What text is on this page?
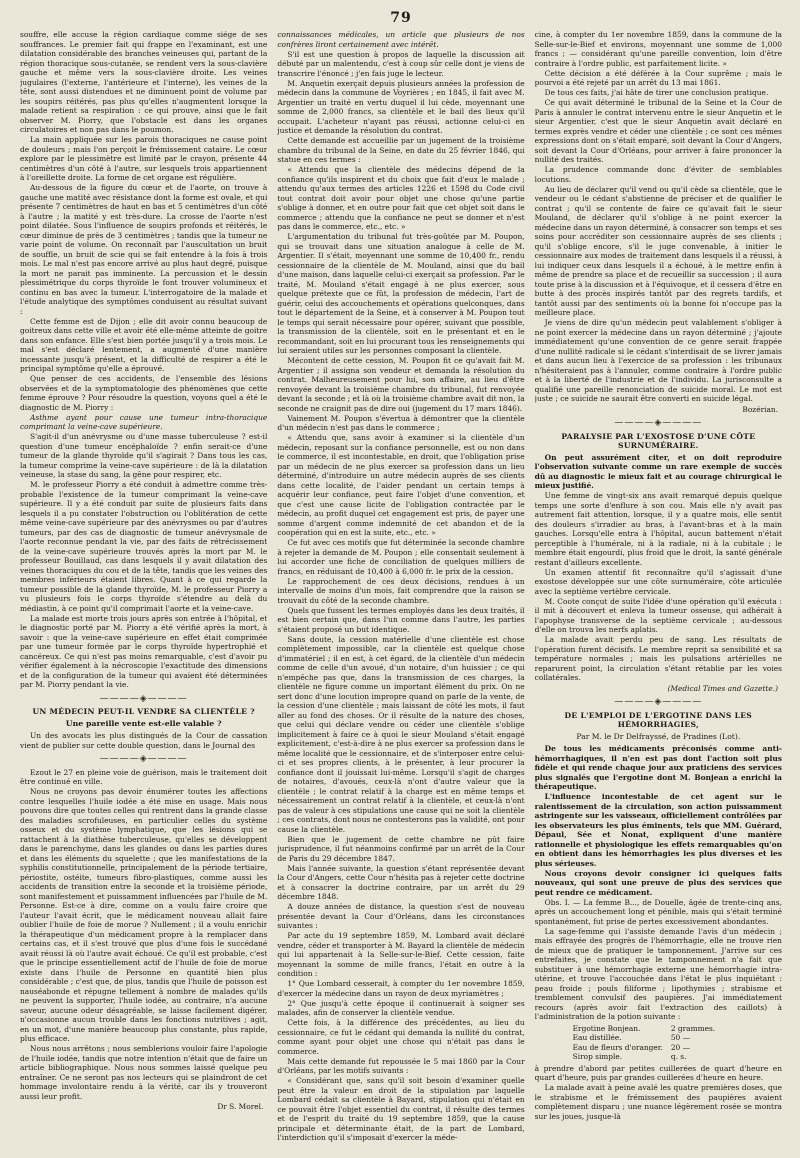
79

souffre, elle accuse la région cardiaque comme siége de ses souffrances. Le premier fait qui frappe en l'examinant, est une dilatation considérable des branches veineuses qui, partant de la région thoracique sous-cutanée, se rendent vers la sous-clavière gauche et même vers la sous-clavière droite. Les veines jugulaires (l'externe, l'antérieure et l'interne), les veines de la tête, sont aussi distendues et ne diminuent point de volume par les soupirs réitérés, pas plus qu'elles n'augmentent lorsque la malade retient sa respiration : ce qui prouve, ainsi que le fait observer M. Piorry, que l'obstacle est dans les organes circulatoires et non pas dans le poumon.

La main appliquée sur les parois thoraciques ne cause point de douleurs ; mais l'on perçoit le frémissement cataire. Le cœur explore par le plessimètre est limité par le crayon, présente 44 centimètres d'un côté à l'autre, sur lesquels trois appartiennent à l'oreillette droite. La forme de cet organe est régulière.

Au-dessous de la figure du cœur et de l'aorte, on trouve à gauche une matité avec résistance dont la forme est ovale, et qui présente 7 centimètres de haut en bas et 5 centimètres d'un côté à l'autre ; la matité y est très-dure. La crosse de l'aorte n'est point dilatée. Sous l'influence de soupirs profonds et réitérés, le cœur diminue de près de 3 centimètres ; tandis que la tumeur ne varie point de volume. On reconnaît par l'auscultation un bruit de souffle, un bruit de scie qui se fait entendre à la fois à trois mois. Le mal n'est pas encore arrivé au plus haut degré, puisque la mort ne parait pas imminente. La percussion et le dessin plessimétrique du corps thyroïde le font trouver volumineux et continu en bas avec la tumeur. L'interrogatoire de la malade et l'étude analytique des symptômes conduisent au résultat suivant :

Cette femme est de Dijon ; elle dit avoir connu beaucoup de goitreux dans cette ville et avoir été elle-même atteinte de goitre dans son enfance. Elle s'est bien portée jusqu'il y a trois mois. Le mal s'est déclaré lentement, a augmenté d'une manière incessante jusqu'à présent, et la difficulté de respirer a été le principal symptôme qu'elle a éprouvé.

Que penser de ces accidents, de l'ensemble des lésions observées et de la symptomatologie des phénomènes que cette femme éprouve ? Pour résoudre la question, voyons quel a été le diagnostic de M. Piorry :

Asthme ayant pour cause une tumeur intra-thoracique comprimant la veine-cave supérieure.

S'agit-il d'un anévrysme ou d'une masse tuberculeuse ? est-il question d'une tumeur encéphaloïde ? enfin serait-ce d'une tumeur de la glande thyroïde qu'il s'agirait ? Dans tous les cas, la tumeur comprime la veine-cave supérieure : de là la dilatation veineuse, la stase du sang, la gêne pour respirer, etc.

M. le professeur Piorry a été conduit à admettre comme très-probable l'existence de la tumeur comprimant la veine-cave supérieure. Il y a été conduit par suite de plusieurs faits dans lesquels il a pu constater l'obstruction ou l'oblitération de cette même veine-cave supérieure par des anévrysmes ou par d'autres tumeurs, par des cas de diagnostic de tumeur anévrysmale de l'aorte reconnue pendant la vie, par des faits de rétrécissement de la veine-cave supérieure trouvés après la mort par M. le professeur Bouillaud, cas dans lesquels il y avait dilatation des veines thoraciques du cou et de la tête, tandis que les veines des membres inférieurs étaient libres. Quant à ce qui regarde la tumeur possible de la glande thyroïde, M. le professeur Piorry a vu plusieurs fois le corps thyroïde s'étendre au delà du médiastin, à ce point qu'il comprimait l'aorte et la veine-cave.

La malade est morte trois jours après son entrée à l'hôpital, et le diagnostic porté par M. Piorry a été vérifié après la mort, à savoir : que la veine-cave supérieure en effet était comprimée par une tumeur formée par le corps thyroïde hypertrophié et cancéreux. Ce qui n'est pas moins remarquable, c'est d'avoir pu vérifier également à la nécroscopie l'exactitude des dimensions et de la configuration de la tumeur qui avaient été déterminées par M. Piorry pendant la vie.

————◈————
UN MÉDECIN PEUT-IL VENDRE SA CLIENTÈLE ?
Une pareille vente est-elle valable ?

Un des avocats les plus distingués de la Cour de cassation vient de publier sur cette double question, dans le Journal des

————◈————

Ezout le 27 en pleine voie de guérison, mais le traitement doit être continué en ville.

Nous ne croyons pas devoir énumérer toutes les affections contre lesquelles l'huile iodée a été mise en usage. Mais nous pouvons dire que toutes celles qui rentrent dans la grande classe des maladies scrofuleuses, en particulier celles du système osseux et du système lymphatique, que les lésions qui se rattachent à la diathèse tuberculeuse, qu'elles se développent dans le parenchyme, dans les glandes ou dans les parties dures et dans les éléments du squelette ; que les manifestations de la syphilis constitutionnelle, principalement de la période tertiaire, périostite, ostéite, tumeurs fibro-plastiques, comme aussi les accidents de transition entre la seconde et la troisième période, sont manifestement et puissamment influencées par l'huile de M. Personne. Est-ce à dire, comme on a voulu faire croire que l'auteur l'avait écrit, que le médicament nouveau allait faire oublier l'huile de foie de morue ? Nullement ; il a voulu enrichir la thérapeutique d'un médicament propre à la remplacer dans certains cas, et il s'est trouvé que plus d'une fois le succédané avait réussi là où l'autre avait échoué. Ce qu'il est probable, c'est que le principe essentiellement actif de l'huile de foie de morue existe dans l'huile de Personne en quantité bien plus considérable ; c'est que, de plus, tandis que l'huile de poisson est nauséabonde et répugne tellement à nombre de malades qu'ils ne peuvent la supporter, l'huile iodée, au contraire, n'a aucune saveur, aucune odeur désagréable, se laisse facilement digérer, n'occasionne aucun trouble dans les fonctions nutritives ; agit, en un mot, d'une manière beaucoup plus constante, plus rapide, plus efficace.

Nous nous arrêtons ; nous semblerions vouloir faire l'apologie de l'huile iodée, tandis que notre intention n'était que de faire un article bibliographique. Nous nous sommes laissé quelque peu entraîner. Ce ne seront pas nos lecteurs qui se plaindront de cet hommage involontaire rendu à la vérité, car ils y trouveront aussi leur profit.

Dr S. Morel.

connaissances médicales, un article que plusieurs de nos confrères liront certainement avec intérêt.

S'il est une question à propos de laquelle la discussion ait débuté par un malentendu, c'est à coup sûr celle dont je viens de transcrire l'énoncé ; j'en fais juge le lecteur.

M. Anquetin exerçait depuis plusieurs années la profession de médecin dans la commune de Voyrières ; en 1845, il fait avec M. Argentier un traité en vertu duquel il lui cède, moyennant une somme de 2,000 francs, sa clientèle et le bail des lieux qu'il occupait. L'acheteur n'ayant pas réussi, actionne celui-ci en justice et demande la résolution du contrat.

Cette demande est accueillie par un jugement de la troisième chambre du tribunal de la Seine, en date du 25 février 1846, qui statue en ces termes :

« Attendu que la clientèle des médecins dépend de la confiance qu'ils inspirent et du choix que fait d'eux le malade ; attendu qu'aux termes des articles 1226 et 1598 du Code civil tout contrat doit avoir pour objet une chose qu'une partie s'oblige à donner, et en outre pour fait que cet objet soit dans le commerce ; attendu que la confiance ne peut se donner et n'est pas dans le commerce, etc., etc. »

L'argumentation du tribunal fut très-goûtée par M. Poupon, qui se trouvait dans une situation analogue à celle de M. Argentier. Il s'était, moyennant une somme de 10,400 fr., rendu cessionnaire de la clientèle de M. Mouland, ainsi que du bail d'une maison, dans laquelle celui-ci exerçait sa profession. Par le traité, M. Mouland s'était engagé à ne plus exercer, sous quelque prétexte que ce fût, la profession de médecin, l'art de guérir, celui des accouchements et opérations quelconques, dans tout le département de la Seine, et à conserver à M. Poupon tout le temps qui serait nécessaire pour opérer, suivant que possible, la transmission de la clientèle, soit en le présentant et en le recommandant, soit en lui procurant tous les renseignements qui lui seraient utiles sur les personnes composant la clientèle.

Mécontent de cette cession, M. Poupon fit ce qu'avait fait M. Argentier ; il assigna son vendeur et demanda la résolution du contrat. Malheureusement pour lui, son affaire, au lieu d'être renvoyée devant la troisième chambre du tribunal, fut renvoyée devant la seconde ; et là où la troisième chambre avait dit non, la seconde ne craignit pas de dire oui (jugement du 17 mars 1846).

Vainement M. Poupon s'évertua à démontrer que la clientèle d'un médecin n'est pas dans le commerce ;

« Attendu que, sans avoir à examiner si la clientèle d'un médecin, reposant sur la confiance personnelle, est ou non dans le commerce, il est incontestable, en droit, que l'obligation prise par un médecin de ne plus exercer sa profession dans un lieu déterminé, d'introduire un autre médecin auprès de ses clients dans cette localité, de l'aider pendant un certain temps à acquérir leur confiance, peut faire l'objet d'une convention, et que c'est une cause licite de l'obligation contractée par le médecin, au profit duquel cet engagement est pris, de payer une somme d'argent comme indemnité de cet abandon et de la coopération qui en est la suite, etc., etc. »

Ce fut avec ces motifs que fut déterminée la seconde chambre à rejeter la demande de M. Poupon ; elle consentait seulement à lui accorder une fiche de conciliation de quelques milliers de francs, en réduisant de 10,400 à 6,000 fr. le prix de la cession.

Le rapprochement de ces deux décisions, rendues à un intervalle de moins d'un mois, fait comprendre que la raison se trouvait du côté de la seconde chambre.

Quels que fussent les termes employés dans les deux traités, il est bien certain que, dans l'un comme dans l'autre, les parties s'étaient proposé un but identique.

Sans doute, la cession matérielle d'une clientèle est chose complètement impossible, car la clientèle est quelque chose d'immatériel ; il en est, à cet égard, de la clientèle d'un médecin comme de celle d'un avoué, d'un notaire, d'un huissier ; ce qui n'empêche pas que, dans la transmission de ces charges, la clientèle ne figure comme un important élément du prix. On ne sert donc d'une locution impropre quand on parle de la vente, de la cession d'une clientèle ; mais laissant de côté les mots, il faut aller au fond des choses. Or il résulte de la nature des choses, que celui qui déclare vendre ou céder une clientèle s'oblige implicitement à faire ce à quoi le sieur Mouland s'était engagé explicitement, c'est-à-dire à ne plus exercer sa profession dans le même localité que le cessionnaire, et de s'interposer entre celui-ci et ses propres clients, à le présenter, à leur procurer la confiance dont il jouissait lui-même. Lorsqu'il s'agit de charges de notaires, d'avoués, ceux-là n'ont d'autre valeur que la clientèle ; le contrat relatif à la charge est en même temps et nécessairement un contrat relatif à la clientèle, et ceux-là n'ont pas de valeur à ces stipulations une cause qui ne soit la clientèle ; ces contrats, dont nous ne contesterons pas la validité, ont pour cause la clientèle.

Bien que le jugement de cette chambre ne pût faire jurisprudence, il fut néanmoins confirmé par un arrêt de la Cour de Paris du 29 décembre 1847.

Mais l'année suivante, la question s'étant représentée devant la Cour d'Angers, cette Cour n'hésita pas à rejeter cette doctrine et à consacrer la doctrine contraire, par un arrêt du 29 décembre 1848.

A douze années de distance, la question s'est de nouveau présentée devant la Cour d'Orléans, dans les circonstances suivantes :

Par acte du 19 septembre 1859, M. Lombard avait déclaré vendre, céder et transporter à M. Bayard la clientèle de médecin qui lui appartenait à la Selle-sur-le-Bief. Cette cession, faite moyennant la somme de mille francs, l'était en outre à la condition :

1° Que Lombard cesserait, à compter du 1er novembre 1859, d'exercer la médecine dans un rayon de deux myriamètres ;

2° Que jusqu'à cette époque il continuerait à soigner ses malades, afin de conserver la clientèle vendue.

Cette fois, à la différence des précédentes, au lieu du cessionnaire, ce fut le cédant qui demanda la nullité du contrat, comme ayant pour objet une chose qui n'était pas dans le commerce.

Mais cette demande fut repoussée le 5 mai 1860 par la Cour d'Orléans, par les motifs suivants :

« Considérant que, sans qu'il soit besoin d'examiner quelle peut être la valeur en droit de la stipulation par laquelle Lombard cédait sa clientèle à Bayard, stipulation qui n'était en ce pouvait être l'objet essentiel du contrat, il résulte des termes et de l'esprit du traité du 19 septembre 1859, que la cause principale et déterminante était, de la part de Lombard, l'interdiction qu'il s'imposait d'exercer la méde-

cine, à compter du 1er novembre 1859, dans la commune de la Selle-sur-le-Bief et environs, moyennant une somme de 1,000 francs ; — considérant qu'une pareille convention, loin d'être contraire à l'ordre public, est parfaitement licite. »

Cette décision a été déférée à la Cour suprême ; mais le pourvoi a été rejeté par un arrêt du 13 mai 1861.

De tous ces faits, j'ai hâte de tirer une conclusion pratique.

Ce qui avait déterminé le tribunal de la Seine et la Cour de Paris à annuler le contrat intervenu entre le sieur Anquetin et le sieur Argentier, c'est que le sieur Anquetin avait déclaré en termes exprès vendre et céder une clientèle ; ce sont ces mêmes expressions dont on s'était emparé, soit devant la Cour d'Angers, soit devant la Cour d'Orléans, pour arriver à faire prononcer la nullité des traités.

La prudence commande donc d'éviter de semblables locutions.

Au lieu de déclarer qu'il vend ou qu'il cède sa clientèle, que le vendeur ou le cédant s'abstienne de préciser et de qualifier le contrat ; qu'il se contente de faire ce qu'avait fait le sieur Mouland, de déclarer qu'il s'oblige à ne point exercer la médecine dans un rayon déterminé, à consacrer son temps et ses soins pour accréditer son cessionnaire auprès de ses clients ; qu'il s'oblige encore, s'il le juge convenable, à initier le cessionnaire aux modes de traitement dans lesquels il a réussi, à lui indiquer ceux dans lesquels il a échoué, à le mettre enfin à même de prendre sa place et de recueillir sa succession ; il aura toute prise à la discussion et à l'équivoque, et il cessera d'être en butte à des procès inspirés tantôt par des regrets tardifs, et tantôt aussi par des sentiments où la bonne foi n'occupe pas la meilleure place.

Je viens de dire qu'un médecin peut valablement s'obliger à ne point exercer la médecine dans un rayon déterminé ; j'ajoute immédiatement qu'une convention de ce genre serait frappée d'une nullité radicale si le cédant s'interdisait de se livrer jamais et dans aucun lieu à l'exercice de sa profession : les tribunaux n'hésiteraient pas à l'annuler, comme contraire à l'ordre public et à la liberté de l'industrie et de l'individu. La jurisconsulte a qualifié une pareille renonciation de suicide moral. Le mot est juste ; ce suicide ne saurait être converti en suicide légal.

Bozérian.
————◈————
PARALYSIE PAR L'EXOSTOSE D'UNE CÔTE SURNUMÉRAIRE.

On peut assurément citer, et on doit reproduire l'observation suivante comme un rare exemple de succès dû au diagnostic le mieux fait et au courage chirurgical le mieux justifié.

Une femme de vingt-six ans avait remarqué depuis quelque temps une sorte d'enflure à son cou. Mais elle n'y avait pas autrement fait attention, lorsque, il y a quatre mois, elle sentit des douleurs s'irradier au bras, à l'avant-bras et à la main gauches. Lorsqu'elle entra à l'hôpital, aucun battement n'était perceptible à l'humérale, ni à la radiale, ni à la cubitale ; le membre était engourdi, plus froid que le droit, la santé générale restant d'ailleurs excellente.

Un examen attentif fit reconnaître qu'il s'agissait d'une exostose développée sur une côte surnuméraire, côte articulée avec la septième vertèbre cervicale.

M. Coote conçut de suite l'idée d'une opération qu'il exécuta : il mit à découvert et enleva la tumeur osseuse, qui adhérait à l'apophyse transverse de la septième cervicale ; au-dessous d'elle on trouva les nerfs aplatis.

La malade avait perdu peu de sang. Les résultats de l'opération furent décisifs. Le membre reprit sa sensibilité et sa température normales ; mais les pulsations artérielles ne reparurent point, la circulation s'étant rétablie par les voies collatérales.

(Medical Times and Gazette.)
————◈————
DE L'EMPLOI DE L'ERGOTINE DANS LES HÉMORRHAGIES,
Par M. le Dr Delfrayssé, de Pradines (Lot).

De tous les médicaments préconisés comme anti-hémorrhagiques, il n'en est pas dont l'action soit plus fidèle et qui rende chaque jour aux praticiens des services plus signalés que l'ergotine dont M. Bonjean a enrichi la thérapeutique.

L'influence incontestable de cet agent sur le ralentissement de la circulation, son action puissamment astringente sur les vaisseaux, officiellement contrôlées par les observateurs les plus éminents, tels que MM. Guérard, Dépaul, Sée et Nonat, expliquent d'une manière rationnelle et physiologique les effets remarquables qu'on en obtient dans les hémorrhagies les plus diverses et les plus sérieuses.

Nous croyons devoir consigner ici quelques faits nouveaux, qui sont une preuve de plus des services que peut rendre ce médicament.

Obs. I. — La femme B..., de Douelle, âgée de trente-cinq ans, après un accouchement long et pénible, mais qui s'était terminé spontanément, fut prise de pertes excessivement abondantes.

La sage-femme qui l'assiste demande l'avis d'un médecin ; mais effrayée des progrès de l'hémorrhagie, elle ne trouve rien de mieux que de pratiquer le tamponnement. J'arrive sur ces entrefaites, je constate que le tamponnement n'a fait que substituer à une hémorrhagie externe une hémorrhagie intra-utérine, et trouve l'accouchée dans l'état le plus inquiétant : peau froide ; pouls filiforme ; lipothymies ; strabisme et tremblement convulsif des paupières. J'ai immédiatement recours (après avoir fait l'extraction des caillots) à l'administration de la potion suivante :

Ergotine Bonjean.	2 grammes.
Eau distillée.	50 —
Eau de fleurs d'oranger.	20 —
Sirop simple.	q. s.

à prendre d'abord par petites cuillerées de quart d'heure en quart d'heure, puis par grandes cuillerées d'heure en heure.

La malade avait à peine avalé les quatre premières doses, que le strabisme et le frémissement des paupières avaient complètement disparu ; une nuance légèrement rosée se montra sur les joues, jusque-là
